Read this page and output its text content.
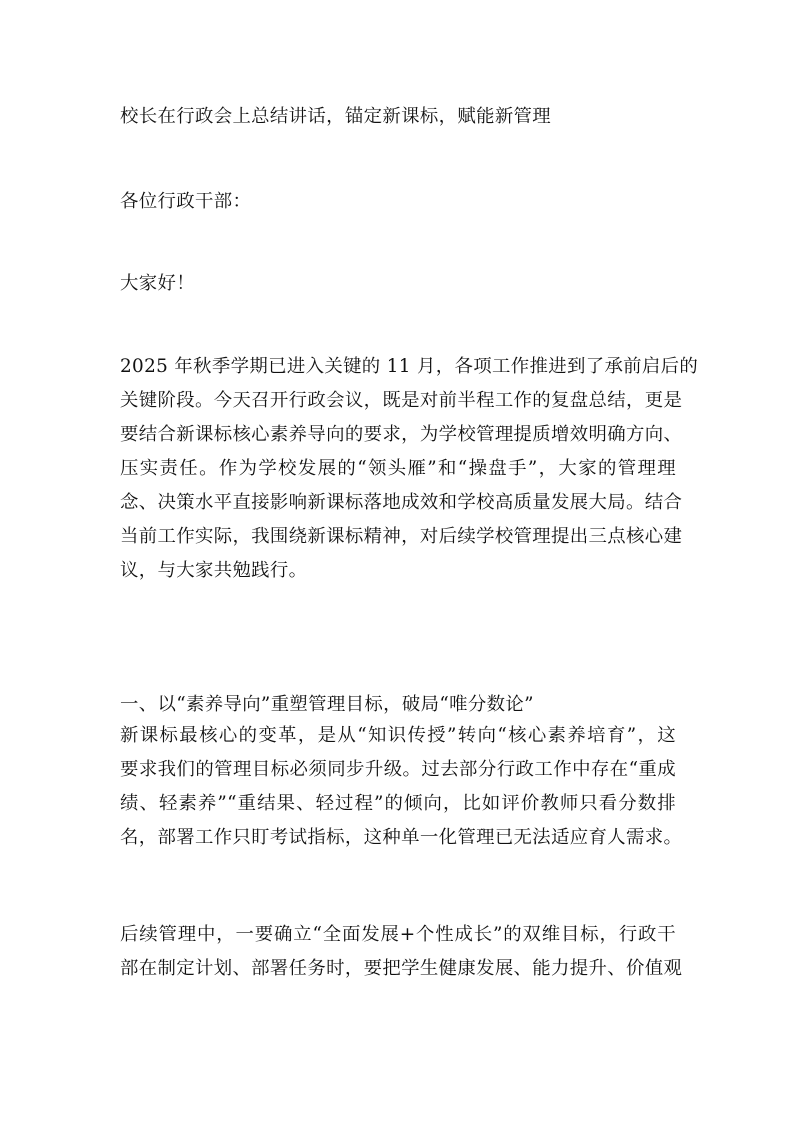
校长在行政会上总结讲话，锚定新课标，赋能新管理
各位行政干部：
大家好！
2025 年秋季学期已进入关键的 11 月，各项工作推进到了承前启后的
关键阶段。今天召开行政会议，既是对前半程工作的复盘总结，更是
要结合新课标核心素养导向的要求，为学校管理提质增效明确方向、
压实责任。作为学校发展的“领头雁”和“操盘手”，大家的管理理
念、决策水平直接影响新课标落地成效和学校高质量发展大局。结合
当前工作实际，我围绕新课标精神，对后续学校管理提出三点核心建
议，与大家共勉践行。
一、以“素养导向”重塑管理目标，破局“唯分数论”
新课标最核心的变革，是从“知识传授”转向“核心素养培育”，这
要求我们的管理目标必须同步升级。过去部分行政工作中存在“重成
绩、轻素养”“重结果、轻过程”的倾向，比如评价教师只看分数排
名，部署工作只盯考试指标，这种单一化管理已无法适应育人需求。
后续管理中，一要确立“全面发展+个性成长”的双维目标，行政干
部在制定计划、部署任务时，要把学生健康发展、能力提升、价值观
